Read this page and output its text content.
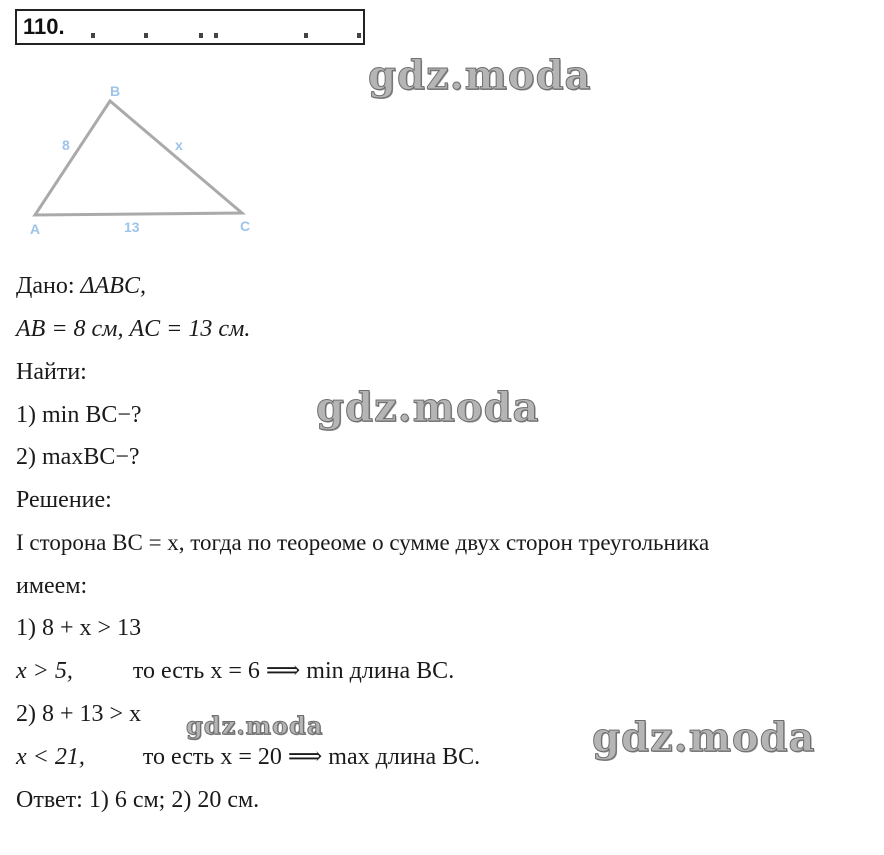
110.
A
B
C
8	x
13
Дано: ΔABC,
AB = 8 см, AC = 13 см.
Найти:
1) min BC−?
2) maxBC−?
Решение:
I сторона BC = x, тогда по теореоме о сумме двух сторон треугольника
имеем:
1) 8 + x > 13
x > 5,	то есть x = 6 ⟹ min длина BC.
2) 8 + 13 > x
x < 21, то есть x = 20 ⟹ max длина BC.
Ответ: 1) 6 см; 2) 20 см.
gdz.moda
gdz.moda
gdz.moda	gdz.moda
